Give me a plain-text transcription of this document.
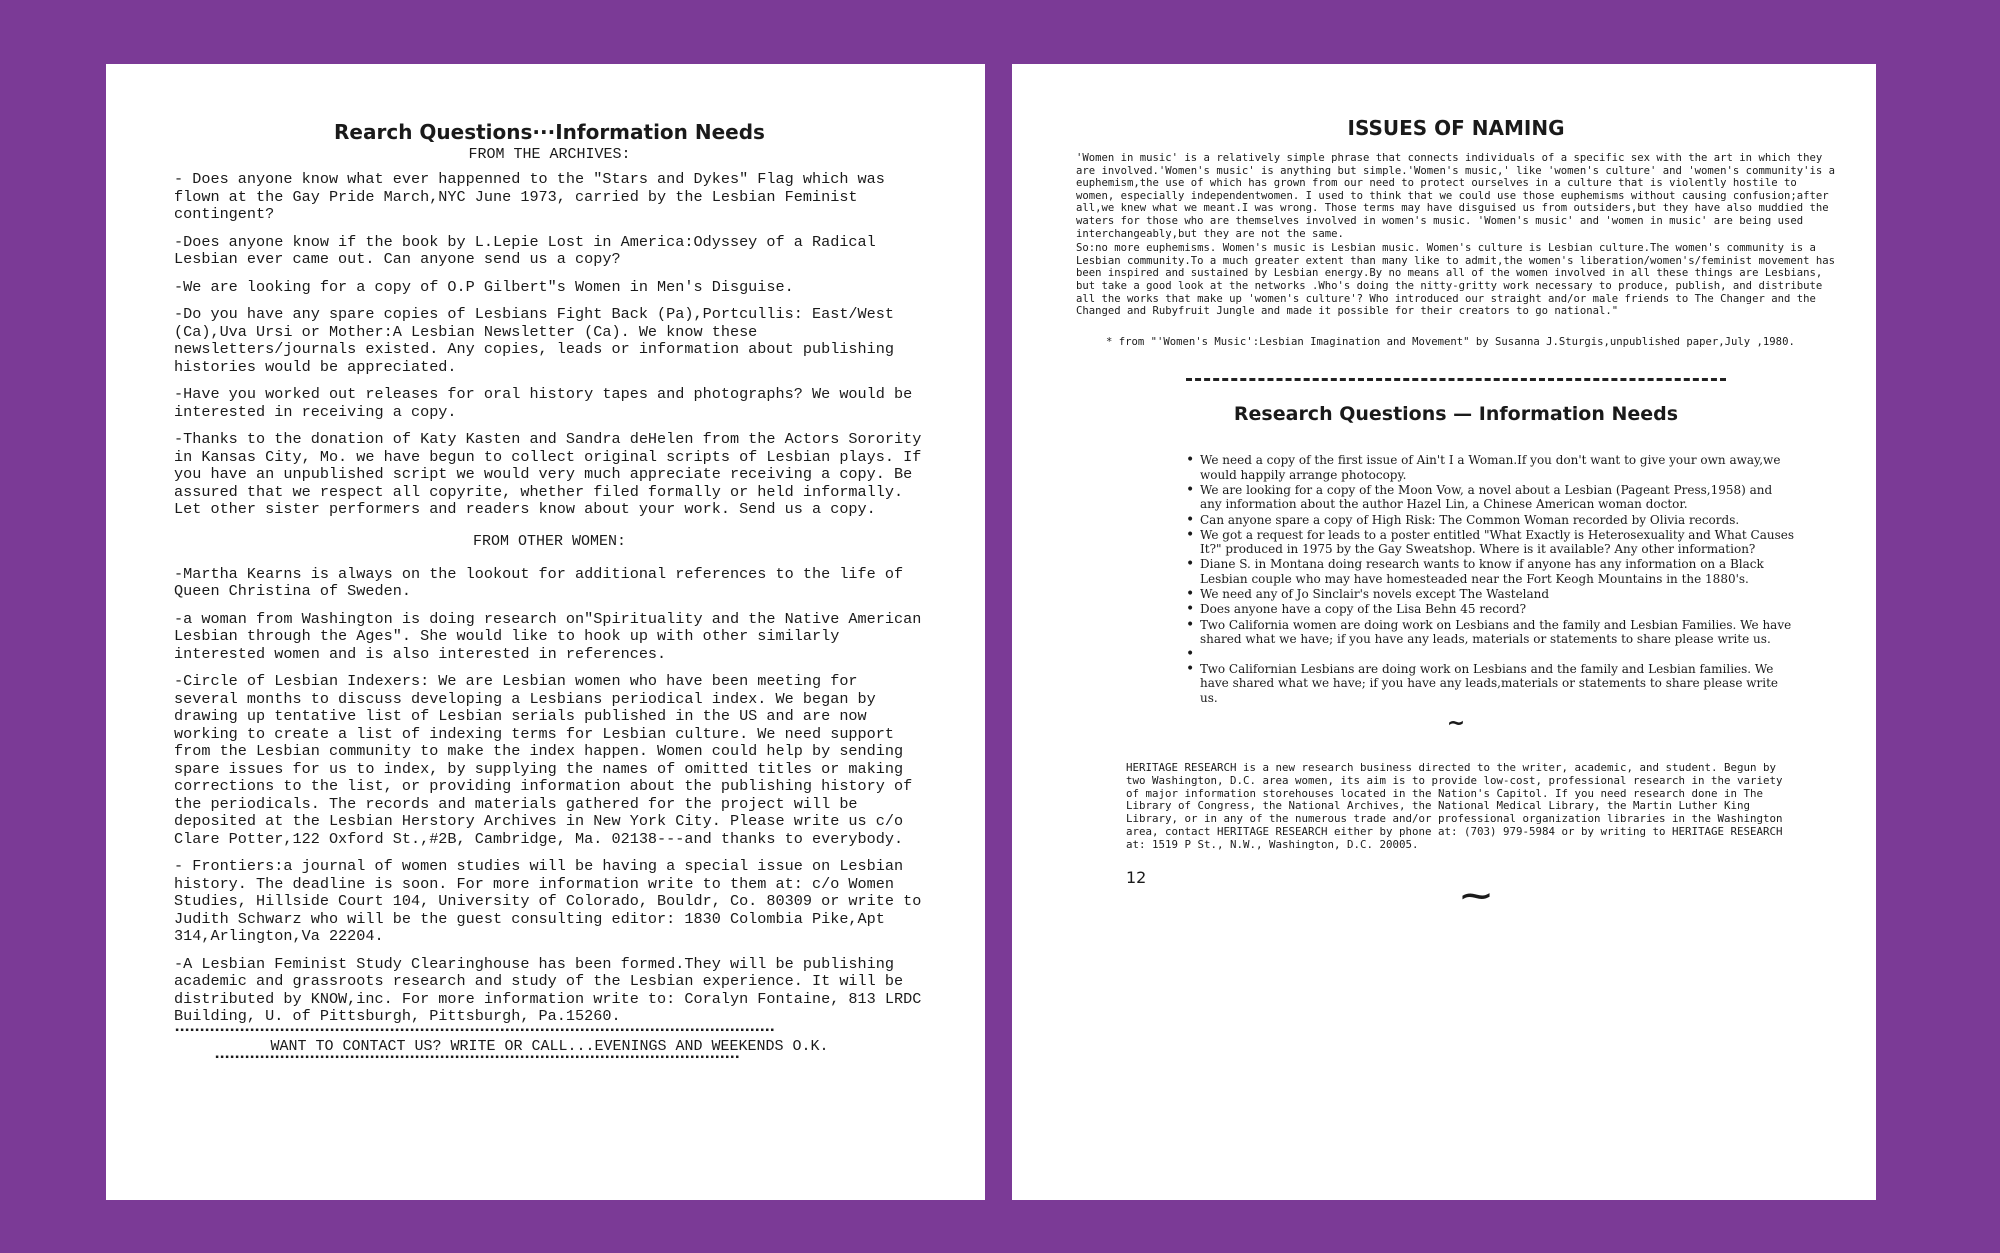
Rearch Questions···Information Needs
FROM THE ARCHIVES:

- Does anyone know what ever happenned to the "Stars and Dykes" Flag which was flown at the Gay Pride March,NYC June 1973, carried by the Lesbian Feminist contingent?

-Does anyone know if the book by L.Lepie Lost in America:Odyssey of a Radical Lesbian ever came out. Can anyone send us a copy?

-We are looking for a copy of O.P Gilbert"s Women in Men's Disguise.

-Do you have any spare copies of Lesbians Fight Back (Pa),Portcullis: East/West (Ca),Uva Ursi or Mother:A Lesbian Newsletter (Ca). We know these newsletters/journals existed. Any copies, leads or information about publishing histories would be appreciated.

-Have you worked out releases for oral history tapes and photographs? We would be interested in receiving a copy.

-Thanks to the donation of Katy Kasten and Sandra deHelen from the Actors Sorority in Kansas City, Mo. we have begun to collect original scripts of Lesbian plays. If you have an unpublished script we would very much appreciate receiving a copy. Be assured that we respect all copyrite, whether filed formally or held informally. Let other sister performers and readers know about your work. Send us a copy.

FROM OTHER WOMEN:

-Martha Kearns is always on the lookout for additional references to the life of Queen Christina of Sweden.

-a woman from Washington is doing research on"Spirituality and the Native American Lesbian through the Ages". She would like to hook up with other similarly interested women and is also interested in references.

-Circle of Lesbian Indexers: We are Lesbian women who have been meeting for several months to discuss developing a Lesbians periodical index. We began by drawing up tentative list of Lesbian serials published in the US and are now working to create a list of indexing terms for Lesbian culture. We need support from the Lesbian community to make the index happen. Women could help by sending spare issues for us to index, by supplying the names of omitted titles or making corrections to the list, or providing information about the publishing history of the periodicals. The records and materials gathered for the project will be deposited at the Lesbian Herstory Archives in New York City. Please write us c/o Clare Potter,122 Oxford St.,#2B, Cambridge, Ma. 02138---and thanks to everybody.

- Frontiers:a journal of women studies will be having a special issue on Lesbian history. The deadline is soon. For more information write to them at: c/o Women Studies, Hillside Court 104, University of Colorado, Bouldr, Co. 80309 or write to Judith Schwarz who will be the guest consulting editor: 1830 Colombia Pike,Apt 314,Arlington,Va 22204.

-A Lesbian Feminist Study Clearinghouse has been formed.They will be publishing academic and grassroots research and study of the Lesbian experience. It will be distributed by KNOW,inc. For more information write to: Coralyn Fontaine, 813 LRDC Building, U. of Pittsburgh, Pittsburgh, Pa.15260.

▪▪▪▪▪▪▪▪▪▪▪▪▪▪▪▪▪▪▪▪▪▪▪▪▪▪▪▪▪▪▪▪▪▪▪▪▪▪▪▪▪▪▪▪▪▪▪▪▪▪▪▪▪▪▪▪▪▪▪▪▪▪▪▪▪▪▪▪▪▪▪▪▪▪▪▪▪▪▪▪▪▪▪▪▪▪▪▪▪▪▪▪▪▪▪▪▪▪▪▪▪▪▪▪▪▪▪▪▪▪▪▪▪▪▪▪▪▪▪▪
WANT TO CONTACT US? WRITE OR CALL...EVENINGS AND WEEKENDS O.K.
▪▪▪▪▪▪▪▪▪▪▪▪▪▪▪▪▪▪▪▪▪▪▪▪▪▪▪▪▪▪▪▪▪▪▪▪▪▪▪▪▪▪▪▪▪▪▪▪▪▪▪▪▪▪▪▪▪▪▪▪▪▪▪▪▪▪▪▪▪▪▪▪▪▪▪▪▪▪▪▪▪▪▪▪▪▪▪▪▪▪▪▪▪▪▪▪▪▪▪▪▪▪▪▪▪
ISSUES OF NAMING

'Women in music' is a relatively simple phrase that connects individuals of a specific sex with the art in which they are involved.'Women's music' is anything but simple.'Women's music,' like 'women's culture' and 'women's community'is a euphemism,the use of which has grown from our need to protect ourselves in a culture that is violently hostile to women, especially independentwomen. I used to think that we could use those euphemisms without causing confusion;after all,we knew what we meant.I was wrong. Those terms may have disguised us from outsiders,but they have also muddied the waters for those who are themselves involved in women's music. 'Women's music' and 'women in music' are being used interchangeably,but they are not the same.

So:no more euphemisms. Women's music is Lesbian music. Women's culture is Lesbian culture.The women's community is a Lesbian community.To a much greater extent than many like to admit,the women's liberation/women's/feminist movement has been inspired and sustained by Lesbian energy.By no means all of the women involved in all these things are Lesbians, but take a good look at the networks .Who's doing the nitty-gritty work necessary to produce, publish, and distribute all the works that make up 'women's culture'? Who introduced our straight and/or male friends to The Changer and the Changed and Rubyfruit Jungle and made it possible for their creators to go national."

* from "'Women's Music':Lesbian Imagination and Movement" by Susanna J.Sturgis,unpublished paper,July ,1980.

Research Questions — Information Needs
• We need a copy of the first issue of Ain't I a Woman.If you don't want to give your own away,we would happily arrange photocopy.
• We are looking for a copy of the Moon Vow, a novel about a Lesbian (Pageant Press,1958) and any information about the author Hazel Lin, a Chinese American woman doctor.
• Can anyone spare a copy of High Risk: The Common Woman recorded by Olivia records.
• We got a request for leads to a poster entitled "What Exactly is Heterosexuality and What Causes It?" produced in 1975 by the Gay Sweatshop. Where is it available? Any other information?
• Diane S. in Montana doing research wants to know if anyone has any information on a Black Lesbian couple who may have homesteaded near the Fort Keogh Mountains in the 1880's.
• We need any of Jo Sinclair's novels except The Wasteland
• Does anyone have a copy of the Lisa Behn 45 record?
• Two California women are doing work on Lesbians and the family and Lesbian Families. We have shared what we have; if you have any leads, materials or statements to share please write us.
•
• Two Californian Lesbians are doing work on Lesbians and the family and Lesbian families. We have shared what we have; if you have any leads,materials or statements to share please write us.
~

HERITAGE RESEARCH is a new research business directed to the writer, academic, and student. Begun by two Washington, D.C. area women, its aim is to provide low-cost, professional research in the variety of major information storehouses located in the Nation's Capitol. If you need research done in The Library of Congress, the National Archives, the National Medical Library, the Martin Luther King Library, or in any of the numerous trade and/or professional organization libraries in the Washington area, contact HERITAGE RESEARCH either by phone at: (703) 979-5984 or by writing to HERITAGE RESEARCH at: 1519 P St., N.W., Washington, D.C. 20005.

12
⁓
